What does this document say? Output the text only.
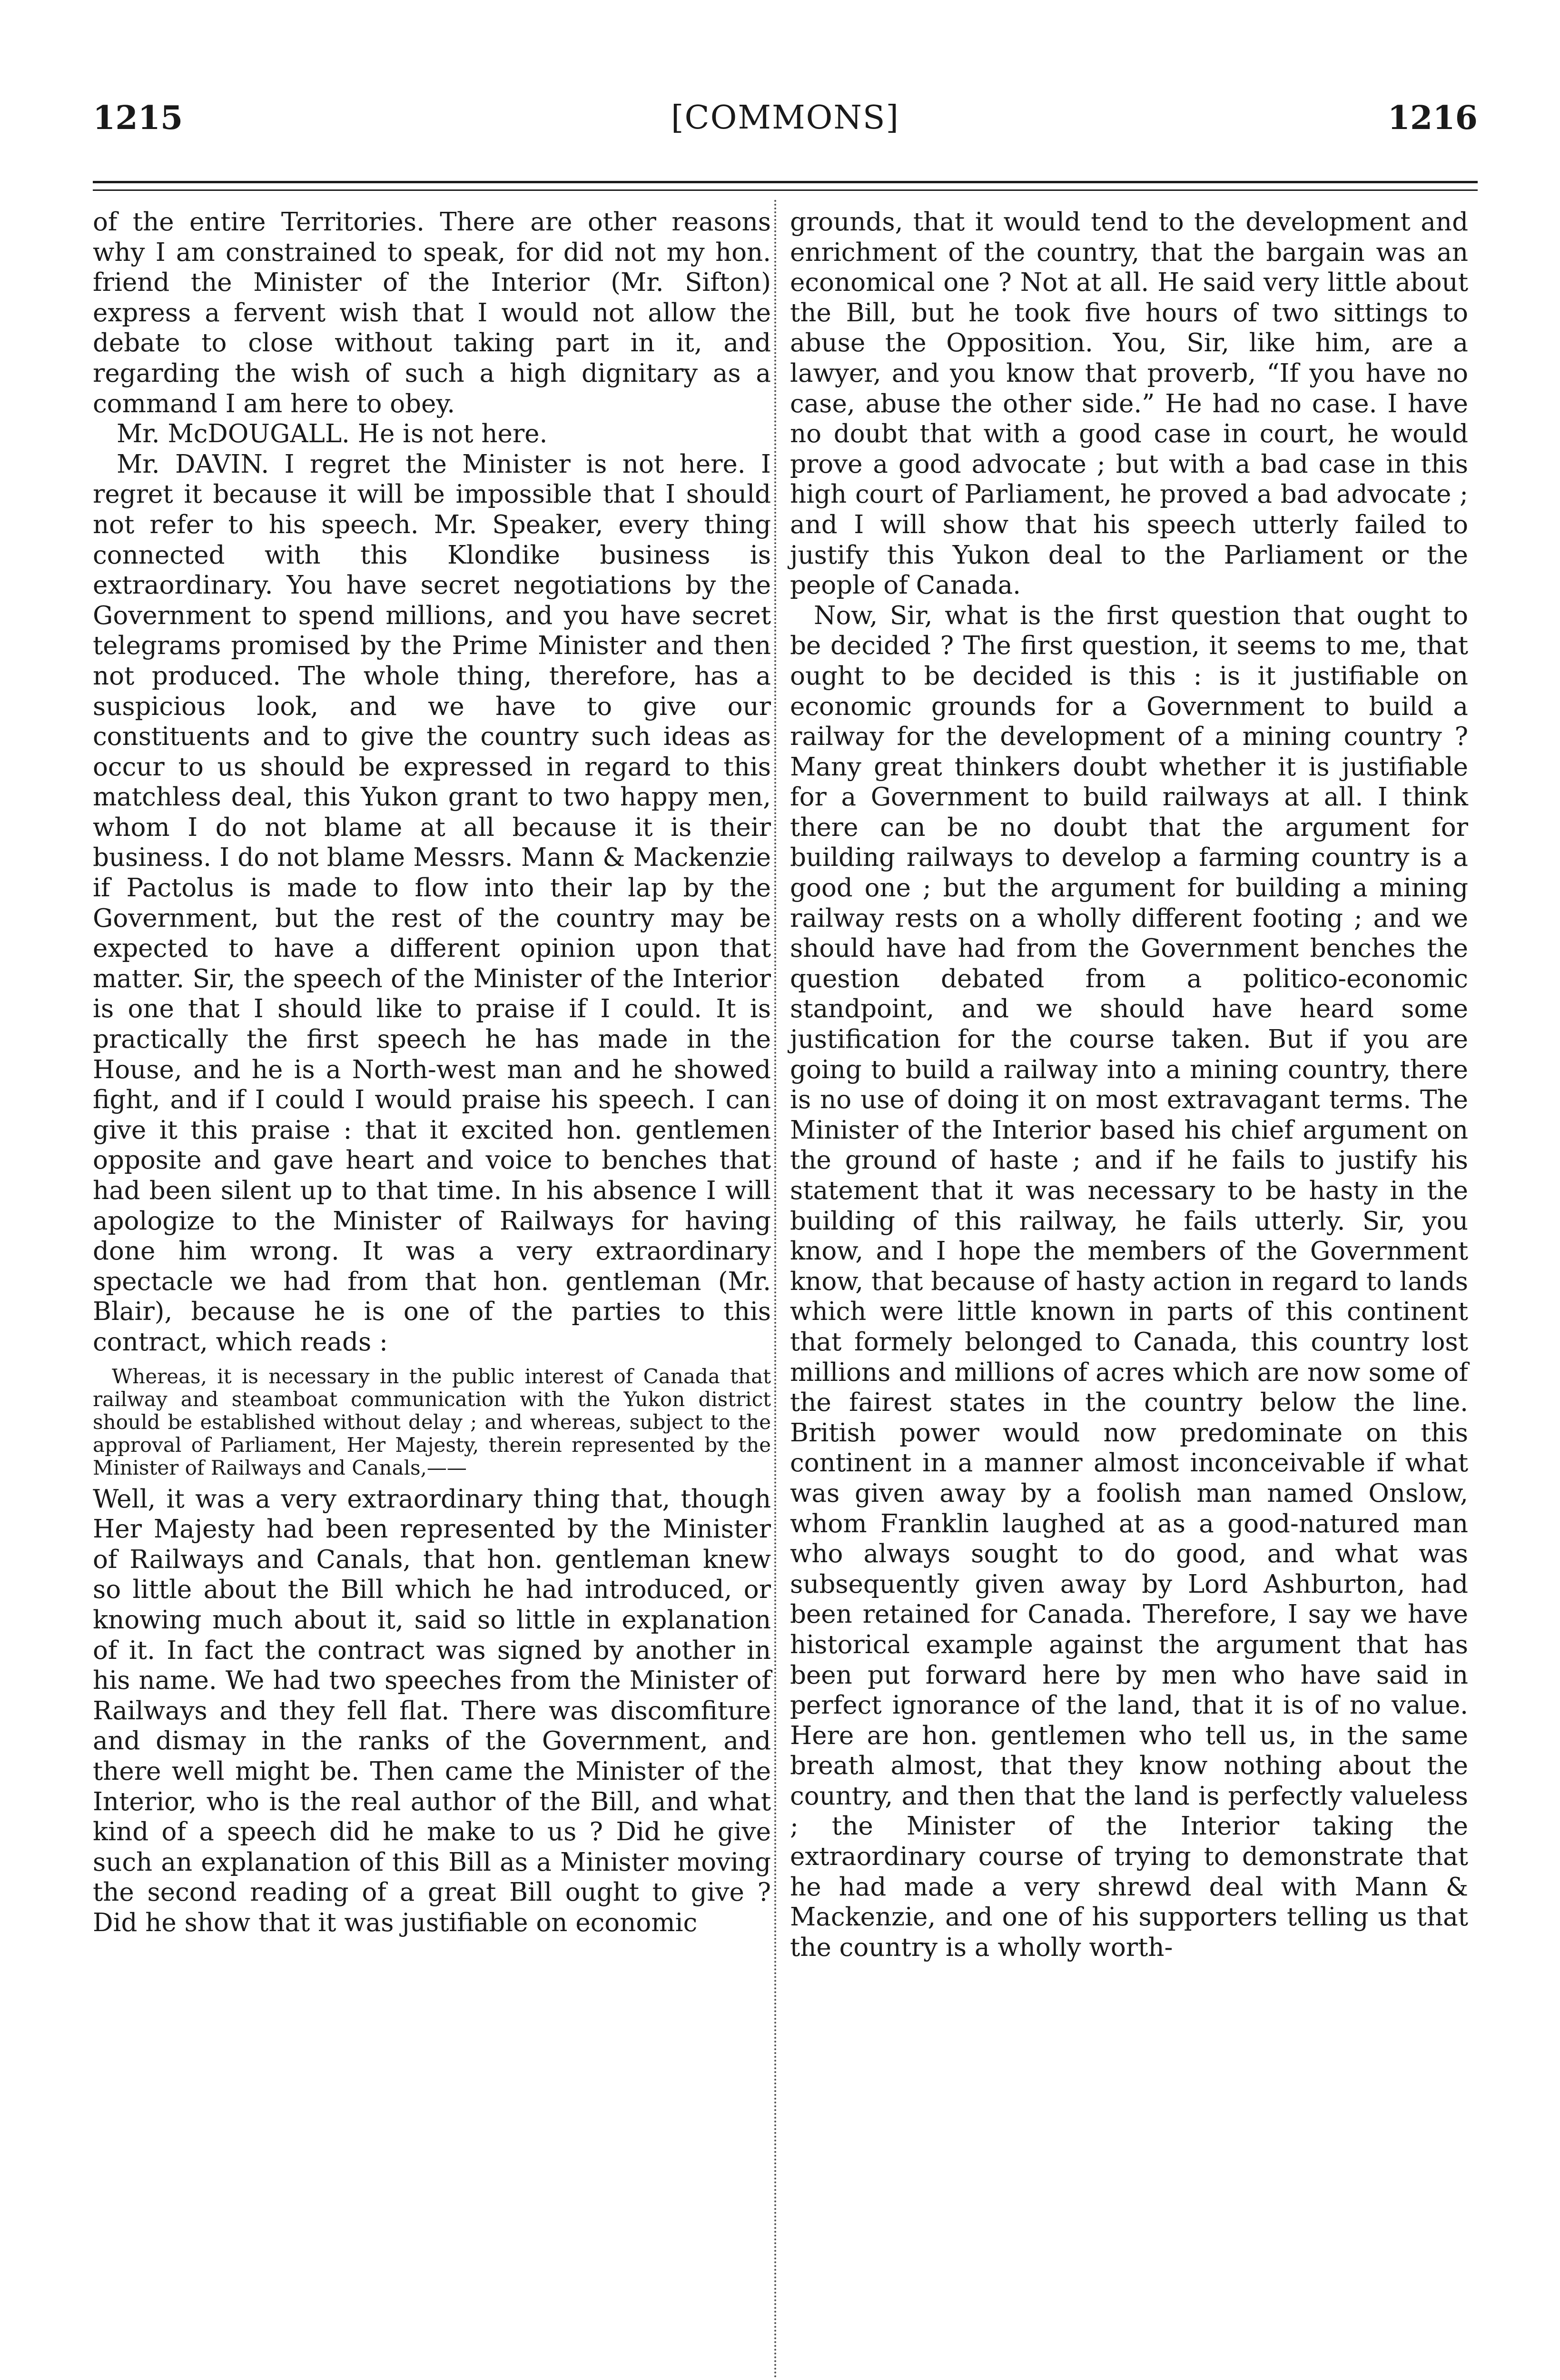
1215	[COMMONS]	1216

of the entire Territories. There are other reasons why I am constrained to speak, for did not my hon. friend the Minister of the Interior (Mr. Sifton) express a fervent wish that I would not allow the debate to close without taking part in it, and regarding the wish of such a high dignitary as a command I am here to obey.

Mr. McDOUGALL. He is not here.

Mr. DAVIN. I regret the Minister is not here. I regret it because it will be impossible that I should not refer to his speech. Mr. Speaker, every thing connected with this Klondike business is extraordinary. You have secret negotiations by the Government to spend millions, and you have secret telegrams promised by the Prime Minister and then not produced. The whole thing, therefore, has a suspicious look, and we have to give our constituents and to give the country such ideas as occur to us should be expressed in regard to this matchless deal, this Yukon grant to two happy men, whom I do not blame at all because it is their business. I do not blame Messrs. Mann & Mackenzie if Pactolus is made to flow into their lap by the Government, but the rest of the country may be expected to have a different opinion upon that matter. Sir, the speech of the Minister of the Interior is one that I should like to praise if I could. It is practically the first speech he has made in the House, and he is a North-west man and he showed fight, and if I could I would praise his speech. I can give it this praise : that it excited hon. gentlemen opposite and gave heart and voice to benches that had been silent up to that time. In his absence I will apologize to the Minister of Railways for having done him wrong. It was a very extraordinary spectacle we had from that hon. gentleman (Mr. Blair), because he is one of the parties to this contract, which reads :

Whereas, it is necessary in the public interest of Canada that railway and steamboat communication with the Yukon district should be established without delay ; and whereas, subject to the approval of Parliament, Her Majesty, therein represented by the Minister of Railways and Canals,——

Well, it was a very extraordinary thing that, though Her Majesty had been represented by the Minister of Railways and Canals, that hon. gentleman knew so little about the Bill which he had introduced, or knowing much about it, said so little in explanation of it. In fact the contract was signed by another in his name. We had two speeches from the Minister of Railways and they fell flat. There was discomfiture and dismay in the ranks of the Government, and there well might be. Then came the Minister of the Interior, who is the real author of the Bill, and what kind of a speech did he make to us ? Did he give such an explanation of this Bill as a Minister moving the second reading of a great Bill ought to give ? Did he show that it was justifiable on economic

grounds, that it would tend to the development and enrichment of the country, that the bargain was an economical one ? Not at all. He said very little about the Bill, but he took five hours of two sittings to abuse the Opposition. You, Sir, like him, are a lawyer, and you know that proverb, “If you have no case, abuse the other side.” He had no case. I have no doubt that with a good case in court, he would prove a good advocate ; but with a bad case in this high court of Parliament, he proved a bad advocate ; and I will show that his speech utterly failed to justify this Yukon deal to the Parliament or the people of Canada.

Now, Sir, what is the first question that ought to be decided ? The first question, it seems to me, that ought to be decided is this : is it justifiable on economic grounds for a Government to build a railway for the development of a mining country ? Many great thinkers doubt whether it is justifiable for a Government to build railways at all. I think there can be no doubt that the argument for building railways to develop a farming country is a good one ; but the argument for building a mining railway rests on a wholly different footing ; and we should have had from the Government benches the question debated from a politico-economic standpoint, and we should have heard some justification for the course taken. But if you are going to build a railway into a mining country, there is no use of doing it on most extravagant terms. The Minister of the Interior based his chief argument on the ground of haste ; and if he fails to justify his statement that it was necessary to be hasty in the building of this railway, he fails utterly. Sir, you know, and I hope the members of the Government know, that because of hasty action in regard to lands which were little known in parts of this continent that formely belonged to Canada, this country lost millions and millions of acres which are now some of the fairest states in the country below the line. British power would now predominate on this continent in a manner almost inconceivable if what was given away by a foolish man named Onslow, whom Franklin laughed at as a good-natured man who always sought to do good, and what was subsequently given away by Lord Ashburton, had been retained for Canada. Therefore, I say we have historical example against the argument that has been put forward here by men who have said in perfect ignorance of the land, that it is of no value. Here are hon. gentlemen who tell us, in the same breath almost, that they know nothing about the country, and then that the land is perfectly valueless ; the Minister of the Interior taking the extraordinary course of trying to demonstrate that he had made a very shrewd deal with Mann & Mackenzie, and one of his supporters telling us that the country is a wholly worth-
